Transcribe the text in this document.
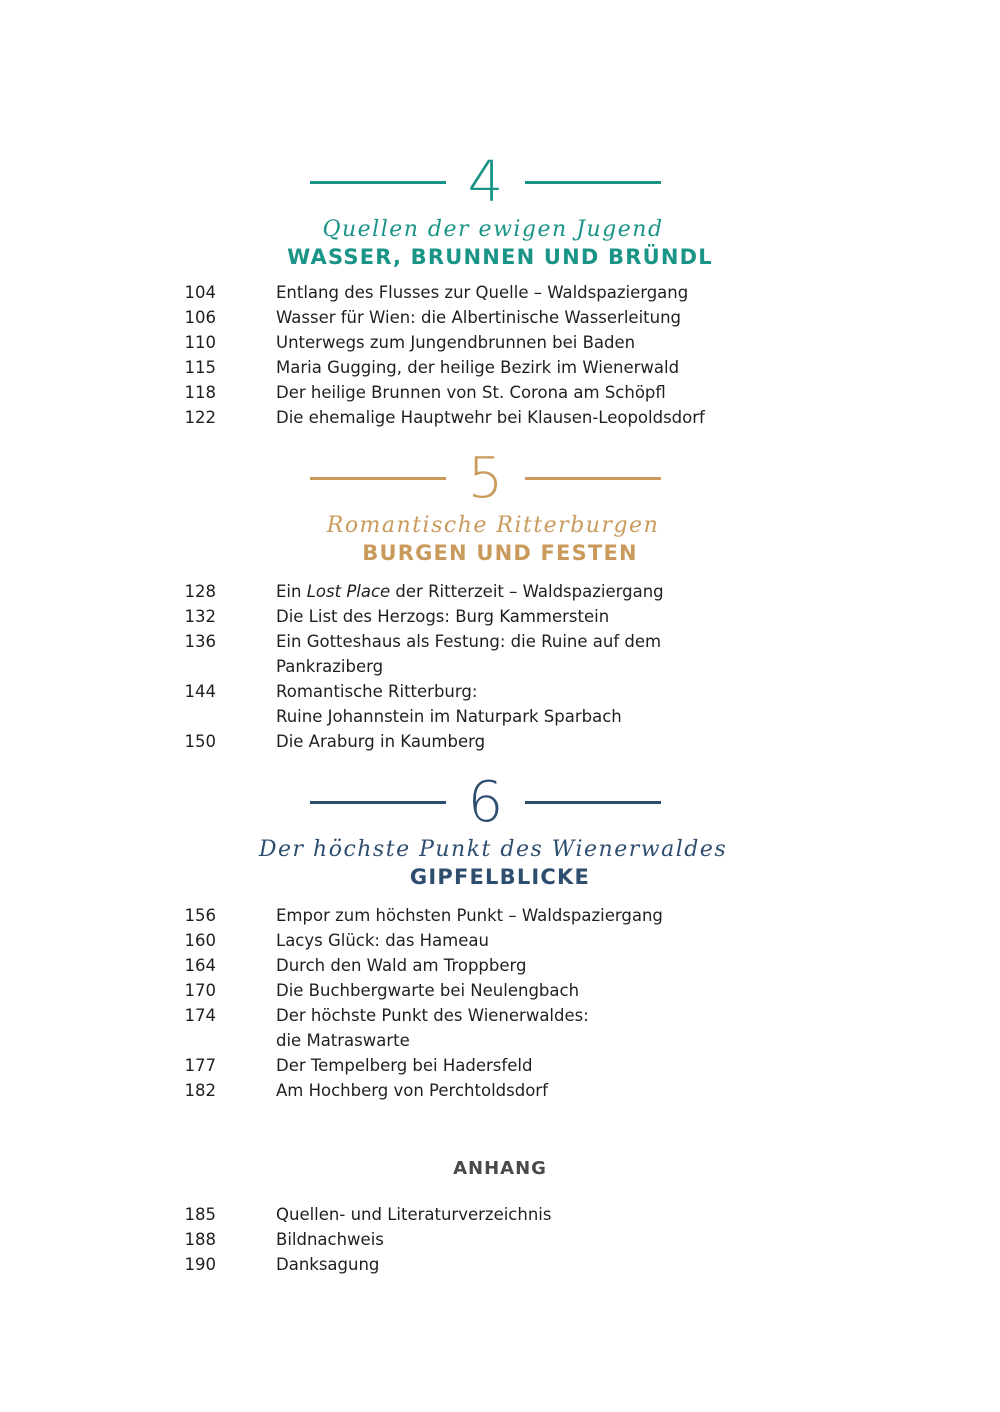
4
Quellen der ewigen Jugend
WASSER, BRUNNEN UND BRÜNDL
104	Entlang des Flusses zur Quelle – Waldspaziergang
106	Wasser für Wien: die Albertinische Wasserleitung
110	Unterwegs zum Jungendbrunnen bei Baden
115	Maria Gugging, der heilige Bezirk im Wienerwald
118	Der heilige Brunnen von St. Corona am Schöpfl
122	Die ehemalige Hauptwehr bei Klausen-Leopoldsdorf
5
Romantische Ritterburgen
BURGEN UND FESTEN
128	Ein Lost Place der Ritterzeit – Waldspaziergang
132	Die List des Herzogs: Burg Kammerstein
136	Ein Gotteshaus als Festung: die Ruine auf dem
Pankraziberg
144	Romantische Ritterburg:
Ruine Johannstein im Naturpark Sparbach
150	Die Araburg in Kaumberg
6
Der höchste Punkt des Wienerwaldes
GIPFELBLICKE
156	Empor zum höchsten Punkt – Waldspaziergang
160	Lacys Glück: das Hameau
164	Durch den Wald am Troppberg
170	Die Buchbergwarte bei Neulengbach
174	Der höchste Punkt des Wienerwaldes:
die Matraswarte
177	Der Tempelberg bei Hadersfeld
182	Am Hochberg von Perchtoldsdorf
ANHANG
185	Quellen- und Literaturverzeichnis
188	Bildnachweis
190	Danksagung
